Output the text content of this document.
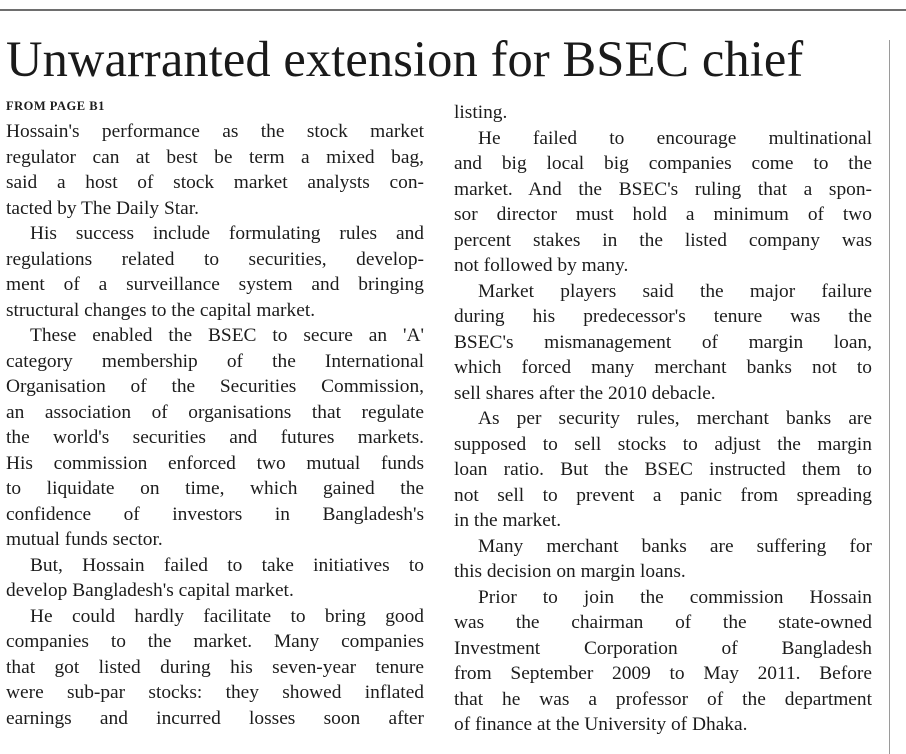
Unwarranted extension for BSEC chief
FROM PAGE B1
Hossain's performance as the stock market
regulator can at best be term a mixed bag,
said a host of stock market analysts con-
tacted by The Daily Star.
His success include formulating rules and
regulations related to securities, develop-
ment of a surveillance system and bringing
structural changes to the capital market.
These enabled the BSEC to secure an 'A'
category membership of the International
Organisation of the Securities Commission,
an association of organisations that regulate
the world's securities and futures markets.
His commission enforced two mutual funds
to liquidate on time, which gained the
confidence of investors in Bangladesh's
mutual funds sector.
But, Hossain failed to take initiatives to
develop Bangladesh's capital market.
He could hardly facilitate to bring good
companies to the market. Many companies
that got listed during his seven-year tenure
were sub-par stocks: they showed inflated
earnings and incurred losses soon after
listing.
He failed to encourage multinational
and big local big companies come to the
market. And the BSEC's ruling that a spon-
sor director must hold a minimum of two
percent stakes in the listed company was
not followed by many.
Market players said the major failure
during his predecessor's tenure was the
BSEC's mismanagement of margin loan,
which forced many merchant banks not to
sell shares after the 2010 debacle.
As per security rules, merchant banks are
supposed to sell stocks to adjust the margin
loan ratio. But the BSEC instructed them to
not sell to prevent a panic from spreading
in the market.
Many merchant banks are suffering for
this decision on margin loans.
Prior to join the commission Hossain
was the chairman of the state-owned
Investment Corporation of Bangladesh
from September 2009 to May 2011. Before
that he was a professor of the department
of finance at the University of Dhaka.
